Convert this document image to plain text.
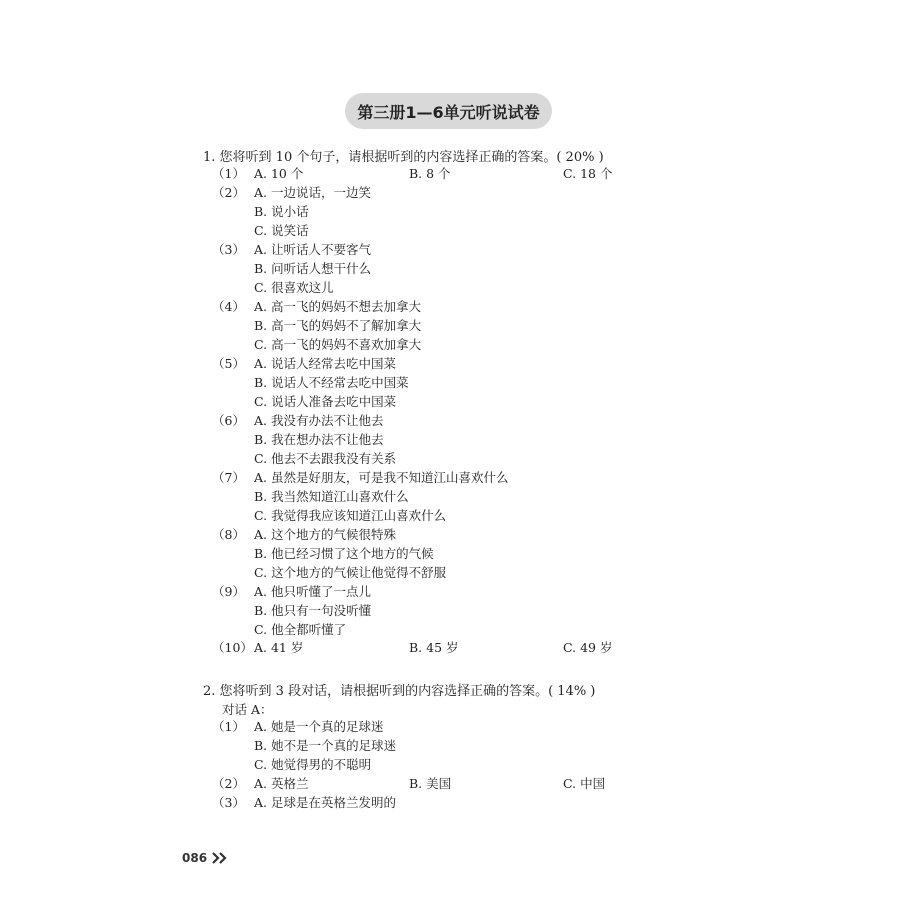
第三册1—6单元听说试卷
1. 您将听到 10 个句子，请根据听到的内容选择正确的答案。( 20% )
（1） A. 10 个	B. 8 个	C. 18 个
（2） A. 一边说话，一边笑
B. 说小话
C. 说笑话
（3） A. 让听话人不要客气
B. 问听话人想干什么
C. 很喜欢这儿
（4） A. 高一飞的妈妈不想去加拿大
B. 高一飞的妈妈不了解加拿大
C. 高一飞的妈妈不喜欢加拿大
（5） A. 说话人经常去吃中国菜
B. 说话人不经常去吃中国菜
C. 说话人准备去吃中国菜
（6） A. 我没有办法不让他去
B. 我在想办法不让他去
C. 他去不去跟我没有关系
（7） A. 虽然是好朋友，可是我不知道江山喜欢什么
B. 我当然知道江山喜欢什么
C. 我觉得我应该知道江山喜欢什么
（8） A. 这个地方的气候很特殊
B. 他已经习惯了这个地方的气候
C. 这个地方的气候让他觉得不舒服
（9） A. 他只听懂了一点儿
B. 他只有一句没听懂
C. 他全都听懂了
（10） A. 41 岁	B. 45 岁	C. 49 岁
2. 您将听到 3 段对话，请根据听到的内容选择正确的答案。( 14% )
对话 A：
（1） A. 她是一个真的足球迷
B. 她不是一个真的足球迷
C. 她觉得男的不聪明
（2） A. 英格兰	B. 美国	C. 中国
（3） A. 足球是在英格兰发明的
086
